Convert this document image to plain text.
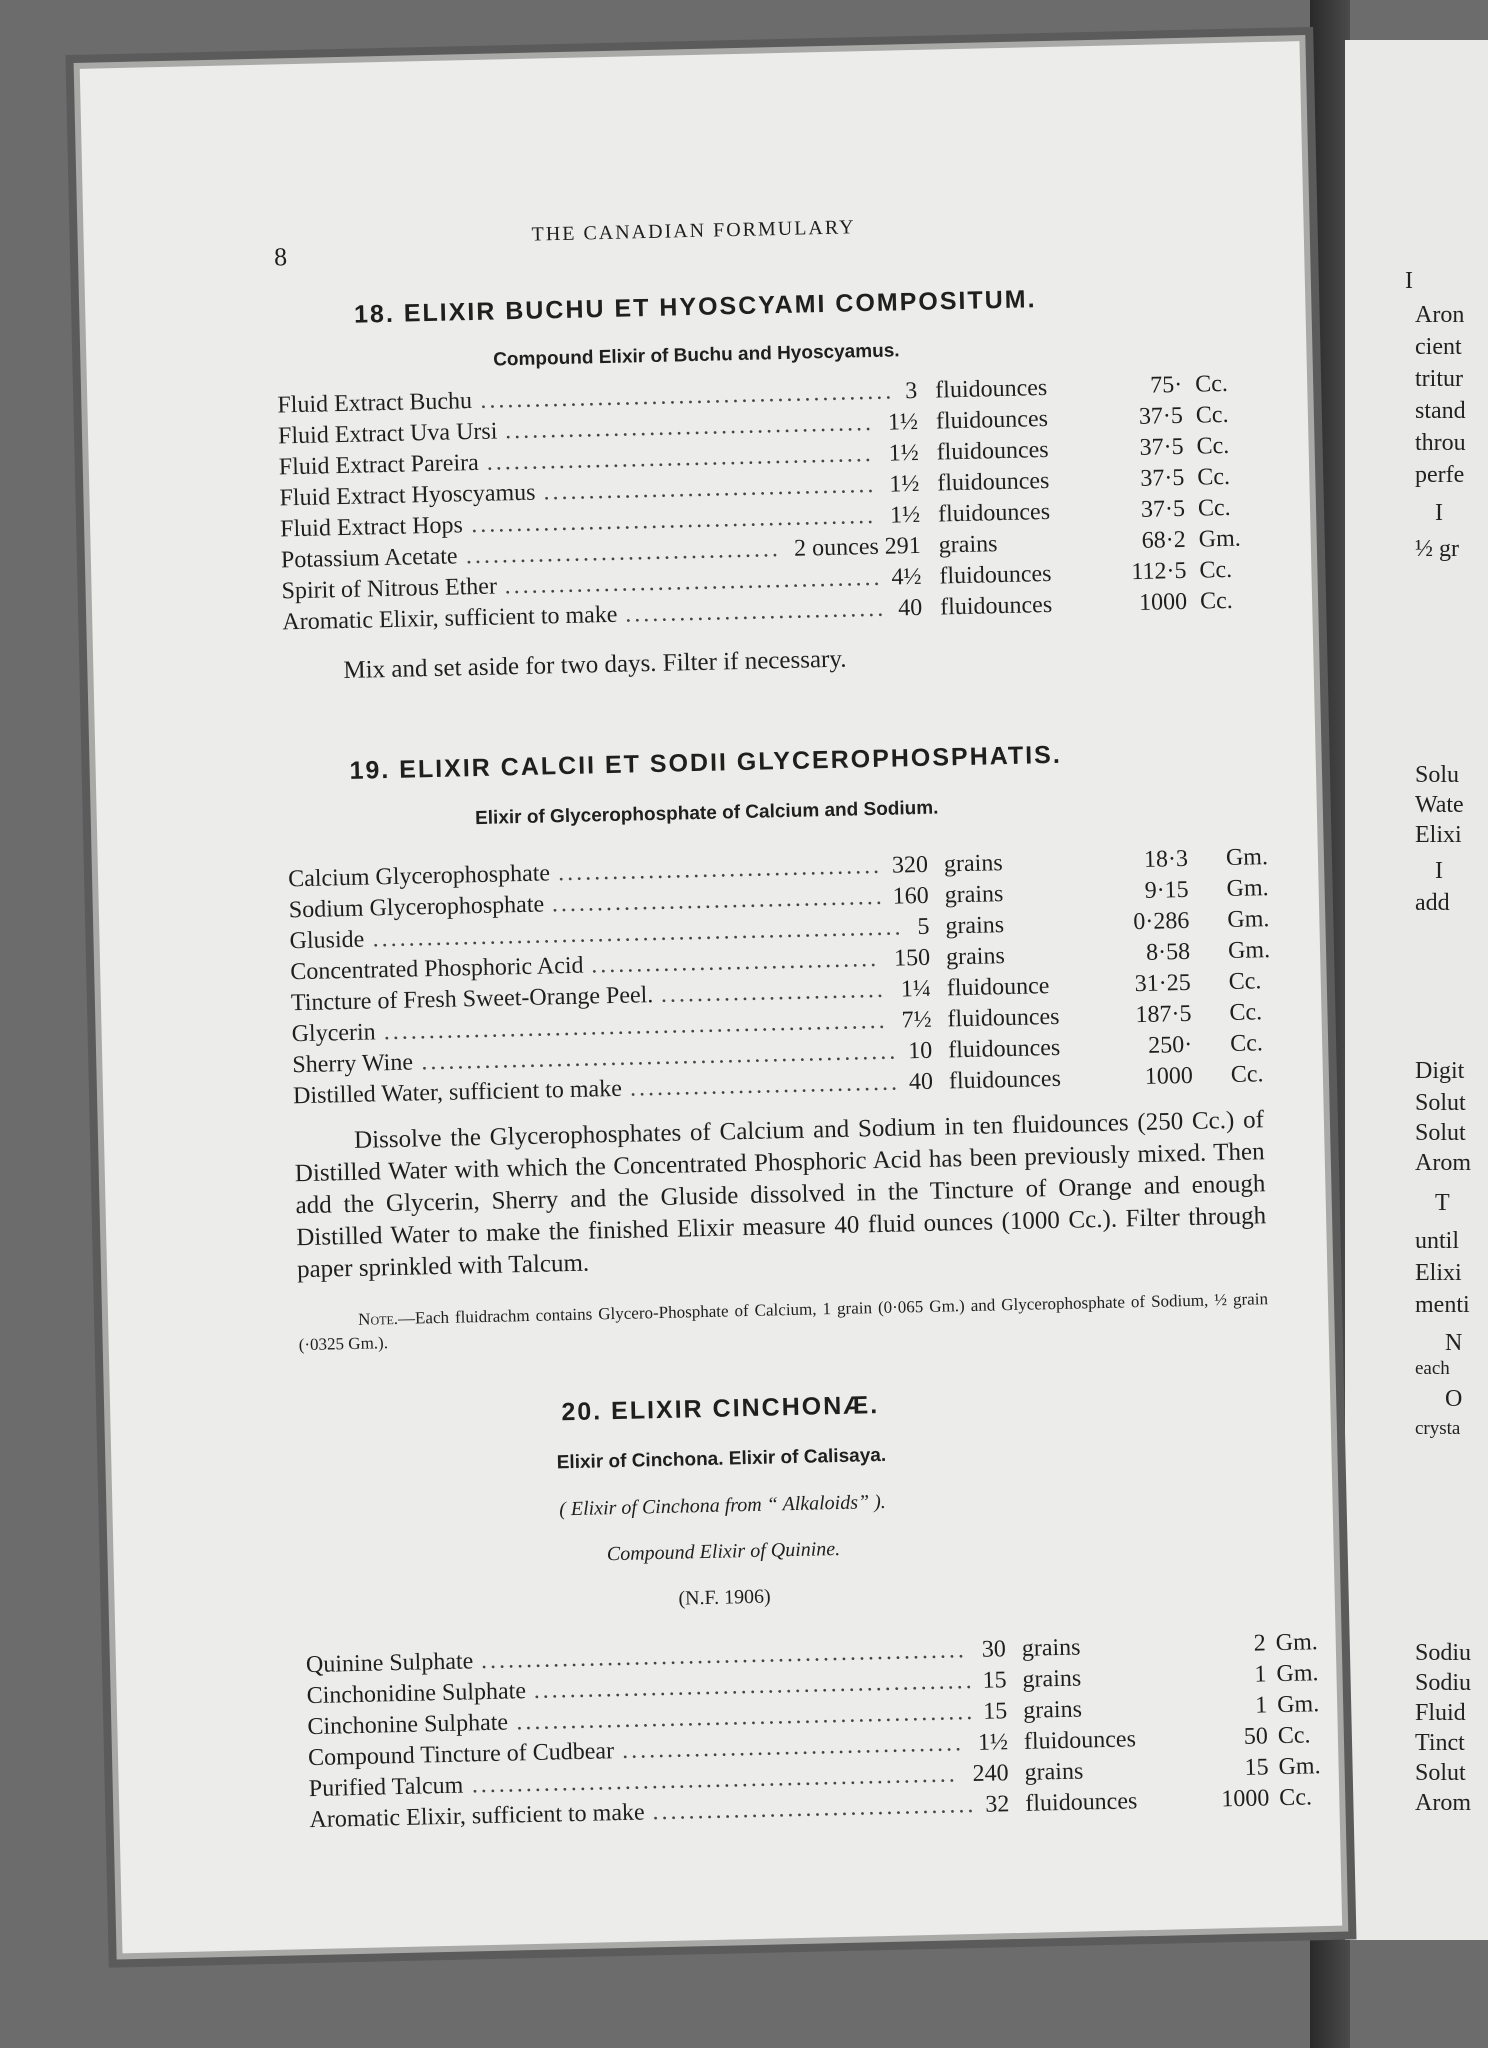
I
Aron
cient
tritur
stand
throu
perfe
I
½ gr
Solu
Wate
Elixi
I
add
Digit
Solut
Solut
Arom
T
until
Elixi
menti
N
each
O
crysta
Sodiu
Sodiu
Fluid
Tinct
Solut
Arom
8
THE CANADIAN FORMULARY
18. ELIXIR BUCHU ET HYOSCYAMI COMPOSITUM.
Compound Elixir of Buchu and Hyoscyamus.
Fluid Extract Buchu .............................................. 3 fluidounces	75· Cc.
Fluid Extract Uva Ursi ......................................... 1½ fluidounces	37·5 Cc.
Fluid Extract Pareira ........................................... 1½ fluidounces	37·5 Cc.
Fluid Extract Hyoscyamus ..................................... 1½ fluidounces	37·5 Cc.
Fluid Extract Hops ............................................. 1½ fluidounces	37·5 Cc.
Potassium Acetate ................................... 2 ounces 291 grains	68·2 Gm.
Spirit of Nitrous Ether .......................................... 4½ fluidounces	112·5 Cc.
Aromatic Elixir, sufficient to make ............................. 40 fluidounces	1000 Cc.
Mix and set aside for two days. Filter if necessary.
19. ELIXIR CALCII ET SODII GLYCEROPHOSPHATIS.
Elixir of Glycerophosphate of Calcium and Sodium.
Calcium Glycerophosphate .................................... 320 grains	18·3 Gm.
Sodium Glycerophosphate ..................................... 160 grains	9·15 Gm.
Gluside ........................................................... 5 grains	0·286 Gm.
Concentrated Phosphoric Acid ................................ 150 grains	8·58 Gm.
Tincture of Fresh Sweet-Orange Peel. ......................... 1¼ fluidounce	31·25 Cc.
Glycerin ........................................................ 7½ fluidounces	187·5 Cc.
Sherry Wine ..................................................... 10 fluidounces	250· Cc.
Distilled Water, sufficient to make .............................. 40 fluidounces	1000 Cc.
Dissolve the Glycerophosphates of Calcium and Sodium in ten fluidounces (250 Cc.) of Distilled Water with which the Concentrated Phosphoric Acid has been previously mixed. Then add the Glycerin, Sherry and the Gluside dissolved in the Tincture of Orange and enough Distilled Water to make the finished Elixir measure 40 fluid ounces (1000 Cc.). Filter through paper sprinkled with Talcum.
Note.—Each fluidrachm contains Glycero-Phosphate of Calcium, 1 grain (0·065 Gm.) and Glycerophosphate of Sodium, ½ grain (·0325 Gm.).
20. ELIXIR CINCHONÆ.
Elixir of Cinchona. Elixir of Calisaya.
( Elixir of Cinchona from “ Alkaloids” ).
Compound Elixir of Quinine.
(N.F. 1906)
Quinine Sulphate ...................................................... 30 grains	2 Gm.
Cinchonidine Sulphate ................................................. 15 grains	1 Gm.
Cinchonine Sulphate ................................................... 15 grains	1 Gm.
Compound Tincture of Cudbear ...................................... 1½ fluidounces	50 Cc.
Purified Talcum ...................................................... 240 grains	15 Gm.
Aromatic Elixir, sufficient to make .................................... 32 fluidounces	1000 Cc.
